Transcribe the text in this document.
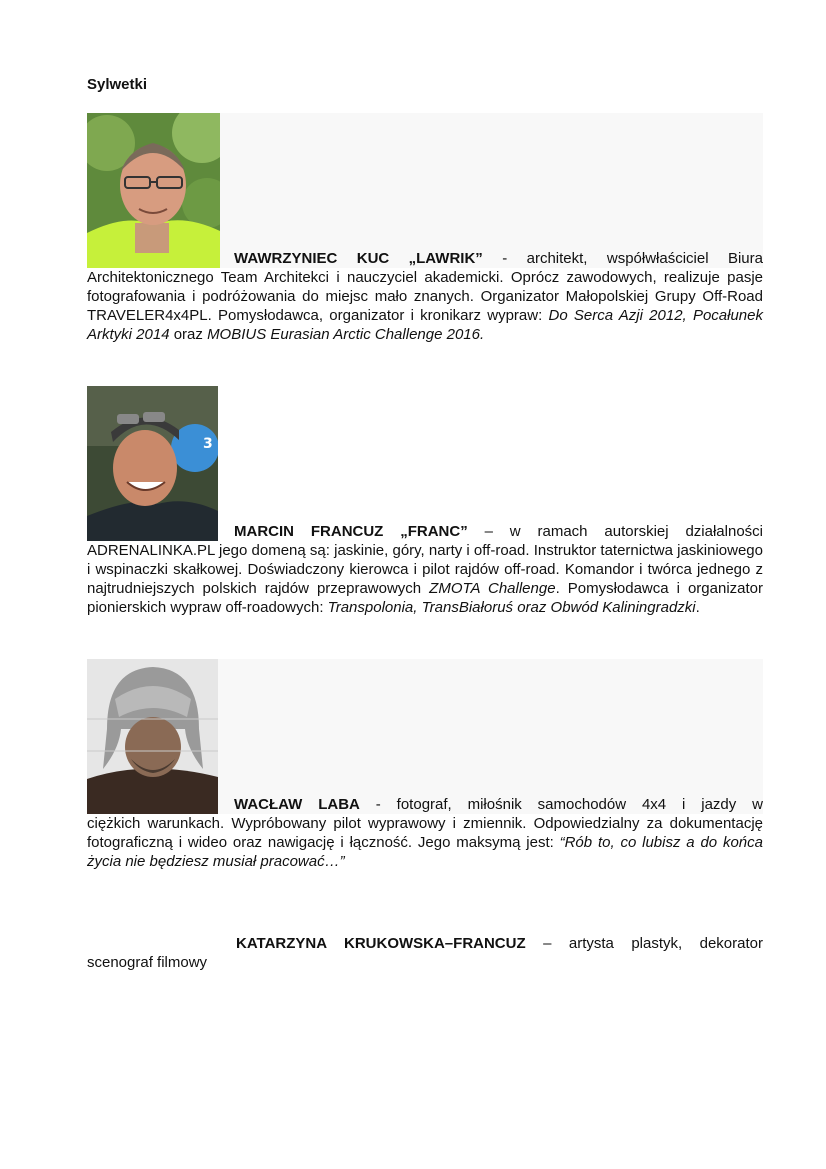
Sylwetki
WAWRZYNIEC KUC „LAWRIK” - architekt, współwłaściciel Biura

Architektonicznego Team Architekci i nauczyciel akademicki. Oprócz zawodowych, realizuje pasje fotografowania i podróżowania do miejsc mało znanych. Organizator Małopolskiej Grupy Off-Road TRAVELER4x4PL. Pomysłodawca, organizator i kronikarz wypraw: Do Serca Azji 2012, Pocałunek Arktyki 2014 oraz MOBIUS Eurasian Arctic Challenge 2016.

3
MARCIN FRANCUZ „FRANC” – w ramach autorskiej działalności

ADRENALINKA.PL jego domeną są: jaskinie, góry, narty i off-road. Instruktor taternictwa jaskiniowego i wspinaczki skałkowej. Doświadczony kierowca i pilot rajdów off-road. Komandor i twórca jednego z najtrudniejszych polskich rajdów przeprawowych ZMOTA Challenge. Pomysłodawca i organizator pionierskich wypraw off-roadowych: Transpolonia, TransBiałoruś oraz Obwód Kaliningradzki.

WACŁAW LABA - fotograf, miłośnik samochodów 4x4 i jazdy w

ciężkich warunkach. Wypróbowany pilot wyprawowy i zmiennik. Odpowiedzialny za dokumentację fotograficzną i wideo oraz nawigację i łączność. Jego maksymą jest: “Rób to, co lubisz a do końca życia nie będziesz musiał pracować…”

KATARZYNA KRUKOWSKA–FRANCUZ – artysta plastyk, dekorator

scenograf filmowy
